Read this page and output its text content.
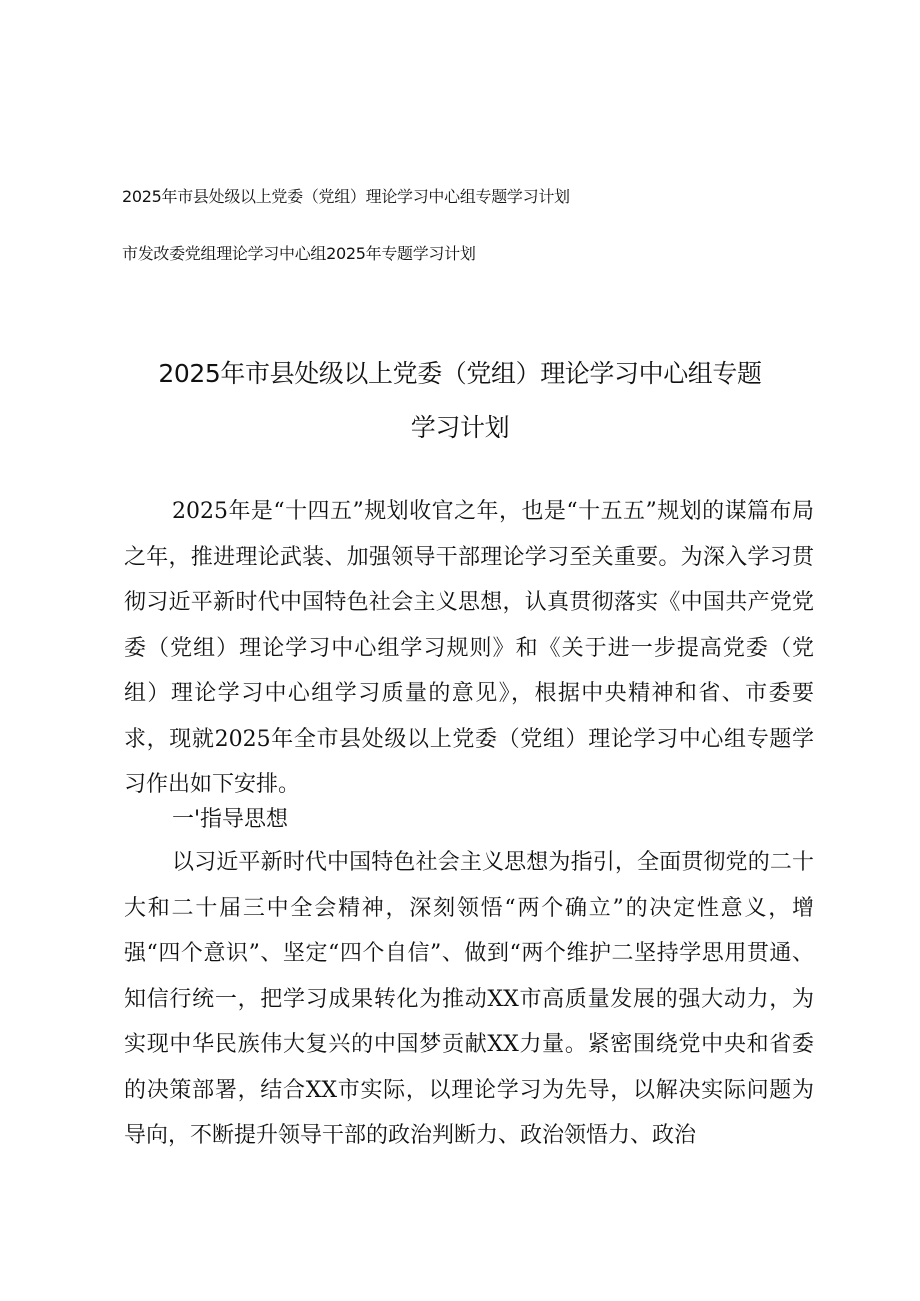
2025年市县处级以上党委（党组）理论学习中心组专题学习计划
市发改委党组理论学习中心组2025年专题学习计划
2025年市县处级以上党委（党组）理论学习中心组专题
学习计划

2025年是“十四五”规划收官之年，也是“十五五”规划的谋篇布局之年，推进理论武装、加强领导干部理论学习至关重要。为深入学习贯彻习近平新时代中国特色社会主义思想，认真贯彻落实《中国共产党党委（党组）理论学习中心组学习规则》和《关于进一步提高党委（党组）理论学习中心组学习质量的意见》，根据中央精神和省、市委要求，现就2025年全市县处级以上党委（党组）理论学习中心组专题学习作出如下安排。

一'指导思想

以习近平新时代中国特色社会主义思想为指引，全面贯彻党的二十大和二十届三中全会精神，深刻领悟“两个确立”的决定性意义，增强“四个意识”、坚定“四个自信”、做到“两个维护二坚持学思用贯通、知信行统一，把学习成果转化为推动XX市高质量发展的强大动力，为实现中华民族伟大复兴的中国梦贡献XX力量。紧密围绕党中央和省委的决策部署，结合XX市实际，以理论学习为先导，以解决实际问题为导向，不断提升领导干部的政治判断力、政治领悟力、政治
